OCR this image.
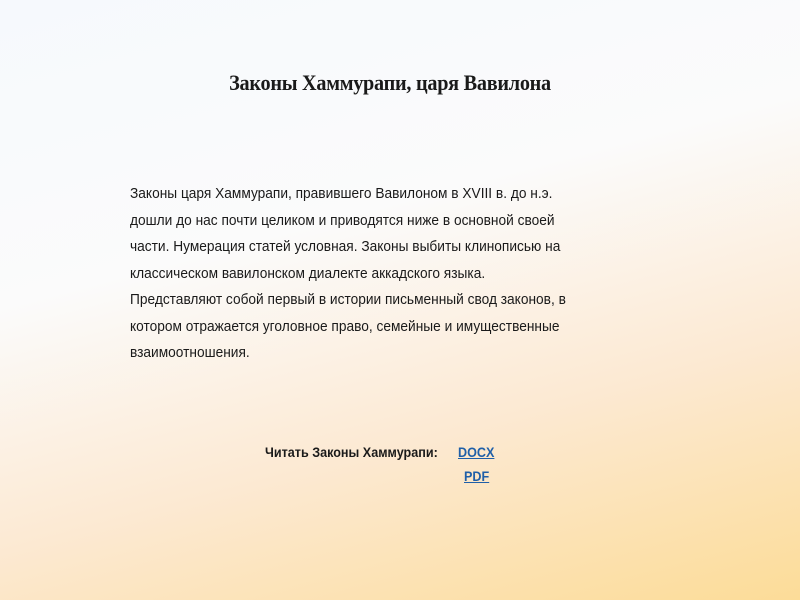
Законы Хаммурапи, царя Вавилона
Законы царя Хаммурапи, правившего Вавилоном в XVIII в. до н.э.
дошли до нас почти целиком и приводятся ниже в основной своей
части. Нумерация статей условная. Законы выбиты клинописью на
классическом вавилонском диалекте аккадского языка.
Представляют собой первый в истории письменный свод законов, в
котором отражается уголовное право, семейные и имущественные
взаимоотношения.
Читать Законы Хаммурапи: DOCX
PDF
